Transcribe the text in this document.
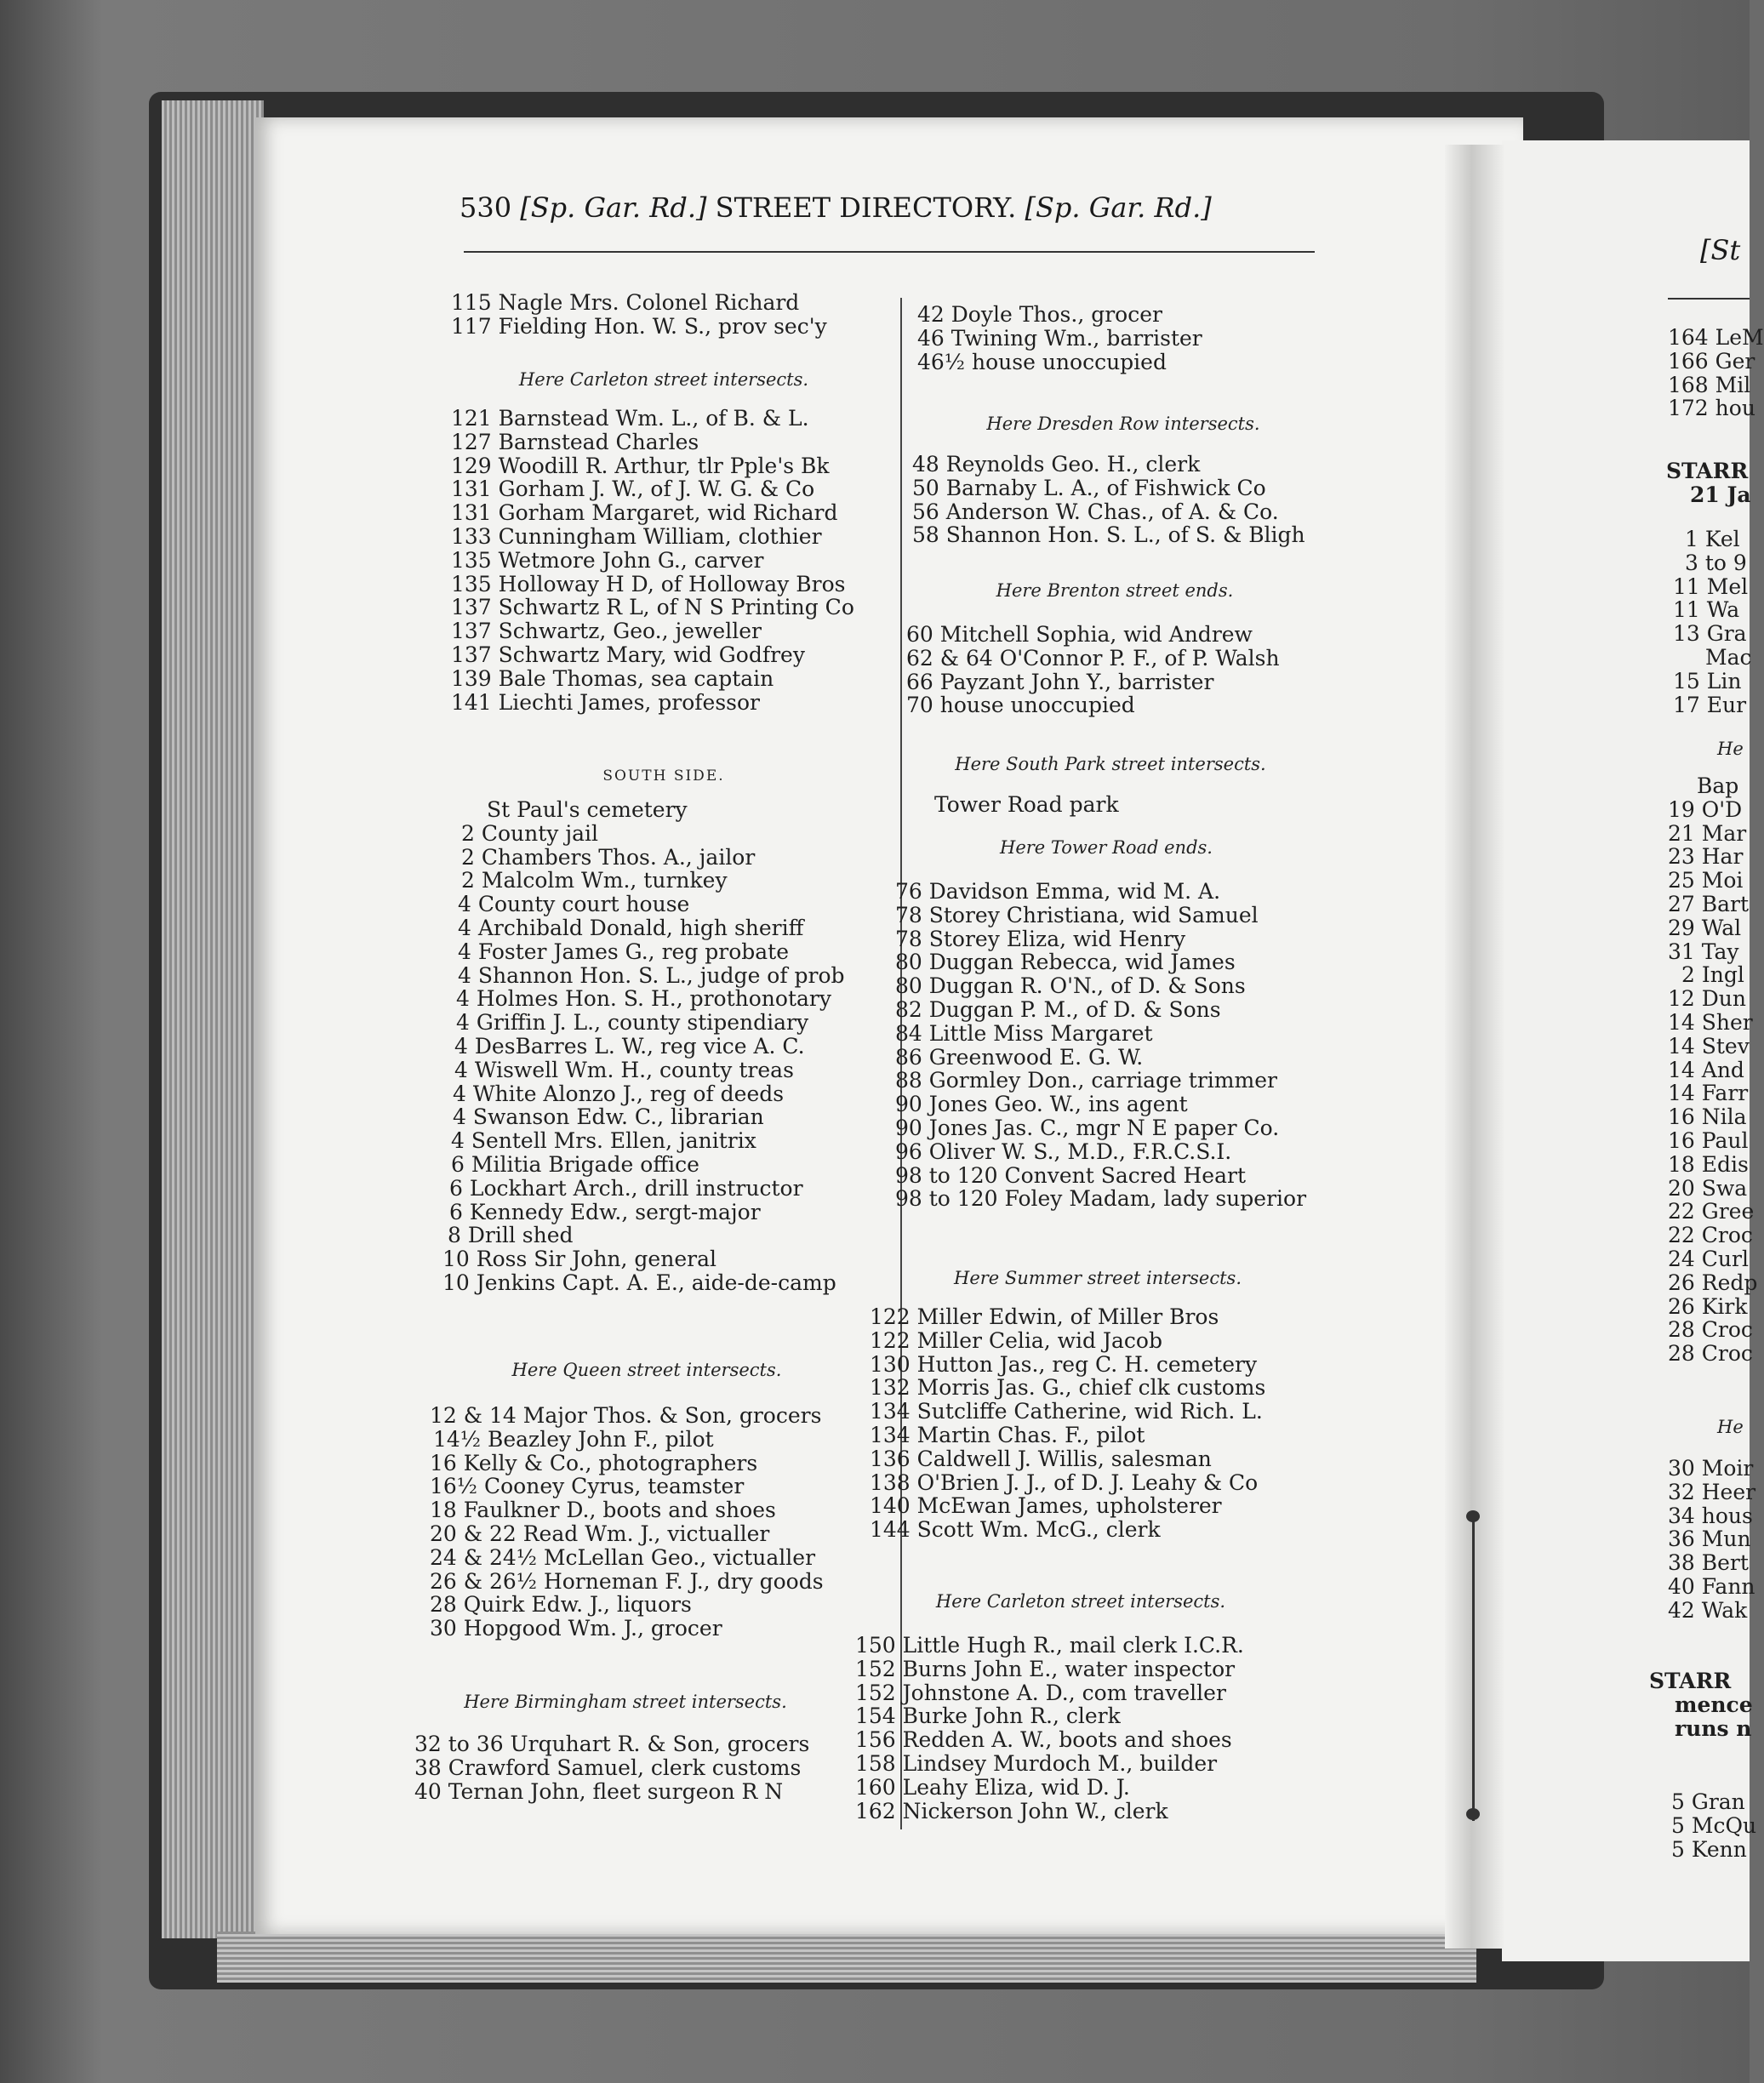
530 [Sp. Gar. Rd.] STREET DIRECTORY. [Sp. Gar. Rd.]
[St
115 Nagle Mrs. Colonel Richard
117 Fielding Hon. W. S., prov sec'y
Here Carleton street intersects.
121 Barnstead Wm. L., of B. & L.
127 Barnstead Charles
129 Woodill R. Arthur, tlr Pple's Bk
131 Gorham J. W., of J. W. G. & Co
131 Gorham Margaret, wid Richard
133 Cunningham William, clothier
135 Wetmore John G., carver
135 Holloway H D, of Holloway Bros
137 Schwartz R L, of N S Printing Co
137 Schwartz, Geo., jeweller
137 Schwartz Mary, wid Godfrey
139 Bale Thomas, sea captain
141 Liechti James, professor
SOUTH SIDE.
St Paul's cemetery
2 County jail
2 Chambers Thos. A., jailor
2 Malcolm Wm., turnkey
4 County court house
4 Archibald Donald, high sheriff
4 Foster James G., reg probate
4 Shannon Hon. S. L., judge of prob
4 Holmes Hon. S. H., prothonotary
4 Griffin J. L., county stipendiary
4 DesBarres L. W., reg vice A. C.
4 Wiswell Wm. H., county treas
4 White Alonzo J., reg of deeds
4 Swanson Edw. C., librarian
4 Sentell Mrs. Ellen, janitrix
6 Militia Brigade office
6 Lockhart Arch., drill instructor
6 Kennedy Edw., sergt-major
8 Drill shed
10 Ross Sir John, general
10 Jenkins Capt. A. E., aide-de-camp
Here Queen street intersects.
12 & 14 Major Thos. & Son, grocers
14½ Beazley John F., pilot
16 Kelly & Co., photographers
16½ Cooney Cyrus, teamster
18 Faulkner D., boots and shoes
20 & 22 Read Wm. J., victualler
24 & 24½ McLellan Geo., victualler
26 & 26½ Horneman F. J., dry goods
28 Quirk Edw. J., liquors
30 Hopgood Wm. J., grocer
Here Birmingham street intersects.
32 to 36 Urquhart R. & Son, grocers
38 Crawford Samuel, clerk customs
40 Ternan John, fleet surgeon R N
42 Doyle Thos., grocer
46 Twining Wm., barrister
46½ house unoccupied
Here Dresden Row intersects.
48 Reynolds Geo. H., clerk
50 Barnaby L. A., of Fishwick Co
56 Anderson W. Chas., of A. & Co.
58 Shannon Hon. S. L., of S. & Bligh
Here Brenton street ends.
60 Mitchell Sophia, wid Andrew
62 & 64 O'Connor P. F., of P. Walsh
66 Payzant John Y., barrister
70 house unoccupied
Here South Park street intersects.
Tower Road park
Here Tower Road ends.
76 Davidson Emma, wid M. A.
78 Storey Christiana, wid Samuel
78 Storey Eliza, wid Henry
80 Duggan Rebecca, wid James
80 Duggan R. O'N., of D. & Sons
82 Duggan P. M., of D. & Sons
84 Little Miss Margaret
86 Greenwood E. G. W.
88 Gormley Don., carriage trimmer
90 Jones Geo. W., ins agent
90 Jones Jas. C., mgr N E paper Co.
96 Oliver W. S., M.D., F.R.C.S.I.
98 to 120 Convent Sacred Heart
98 to 120 Foley Madam, lady superior
Here Summer street intersects.
122 Miller Edwin, of Miller Bros
122 Miller Celia, wid Jacob
130 Hutton Jas., reg C. H. cemetery
132 Morris Jas. G., chief clk customs
134 Sutcliffe Catherine, wid Rich. L.
134 Martin Chas. F., pilot
136 Caldwell J. Willis, salesman
138 O'Brien J. J., of D. J. Leahy & Co
140 McEwan James, upholsterer
144 Scott Wm. McG., clerk
Here Carleton street intersects.
150 Little Hugh R., mail clerk I.C.R.
152 Burns John E., water inspector
152 Johnstone A. D., com traveller
154 Burke John R., clerk
156 Redden A. W., boots and shoes
158 Lindsey Murdoch M., builder
160 Leahy Eliza, wid D. J.
162 Nickerson John W., clerk
164 LeM
166 Ger
168 Mil
172 hou
STARR
21 Ja
1 Kel
3 to 9
11 Mel
11 Wa
13 Gra
Mac
15 Lin
17 Eur
He
Bap
19 O'D
21 Mar
23 Har
25 Moi
27 Bart
29 Wal
31 Tay
2 Ingl
12 Dun
14 Sher
14 Stev
14 And
14 Farr
16 Nila
16 Paul
18 Edis
20 Swa
22 Gree
22 Croc
24 Curl
26 Redp
26 Kirk
28 Croc
28 Croc
He
30 Moir
32 Heer
34 hous
36 Mun
38 Bert
40 Fann
42 Wak
STARR
mence
runs n
5 Gran
5 McQu
5 Kenn
